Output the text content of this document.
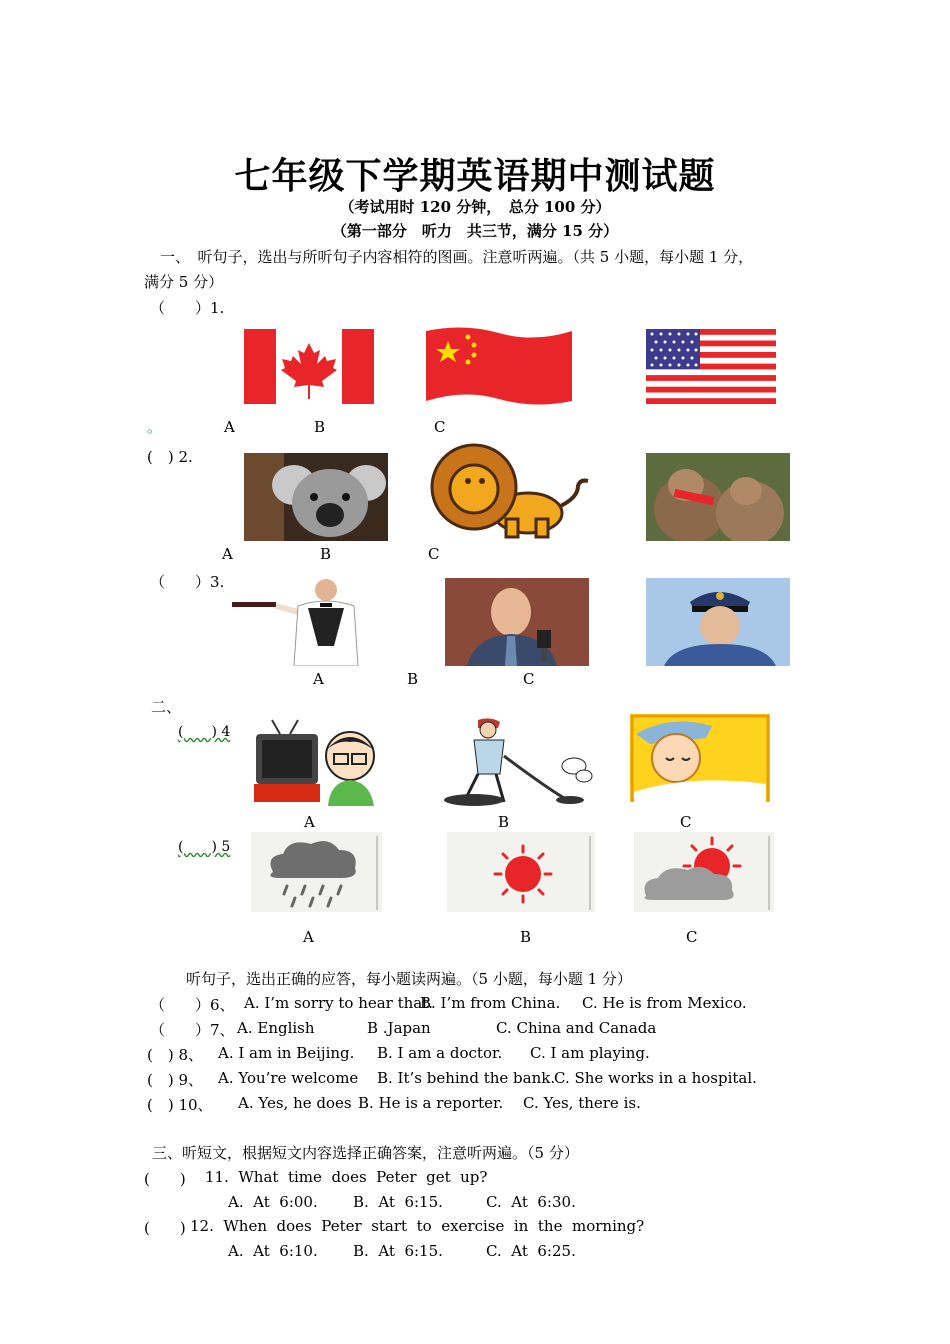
七年级下学期英语期中测试题
（考试用时 120 分钟，　总分 100 分）
（第一部分　听力　共三节，满分 15 分）
一、　听句子，选出与所听句子内容相符的图画。注意听两遍。（共 5 小题，每小题 1 分，
满分 5 分）
（　　）1.
。	A	B	C
(　) 2.
A	B	C
（　　）3.
A	B	C
二、
(　　) 4
A	B	C
(　　) 5
A	B	C
听句子，选出正确的应答，每小题读两遍。（5 小题，每小题 1 分）
（　　）6、 A. I’m sorry to hear that.
B. I’m from China. C. He is from Mexico.
（　　）7、 A. English	B .Japan	C. China and Canada
(　) 8、 A. I am in Beijing. B. I am a doctor. C. I am playing.
(　) 9、 A. You’re welcome B. It’s behind the bank.
C. She works in a hospital.
(　) 10、 A. Yes, he does B. He is a reporter. C. Yes, there is.
三、听短文，根据短文内容选择正确答案，注意听两遍。（5 分）
(　　) 11.  What  time  does  Peter  get  up?
A.  At  6:00. B.  At  6:15.	C.  At  6:30.
(　　) 12.  When  does  Peter  start  to  exercise  in  the  morning?
A.  At  6:10. B.  At  6:15.	C.  At  6:25.
